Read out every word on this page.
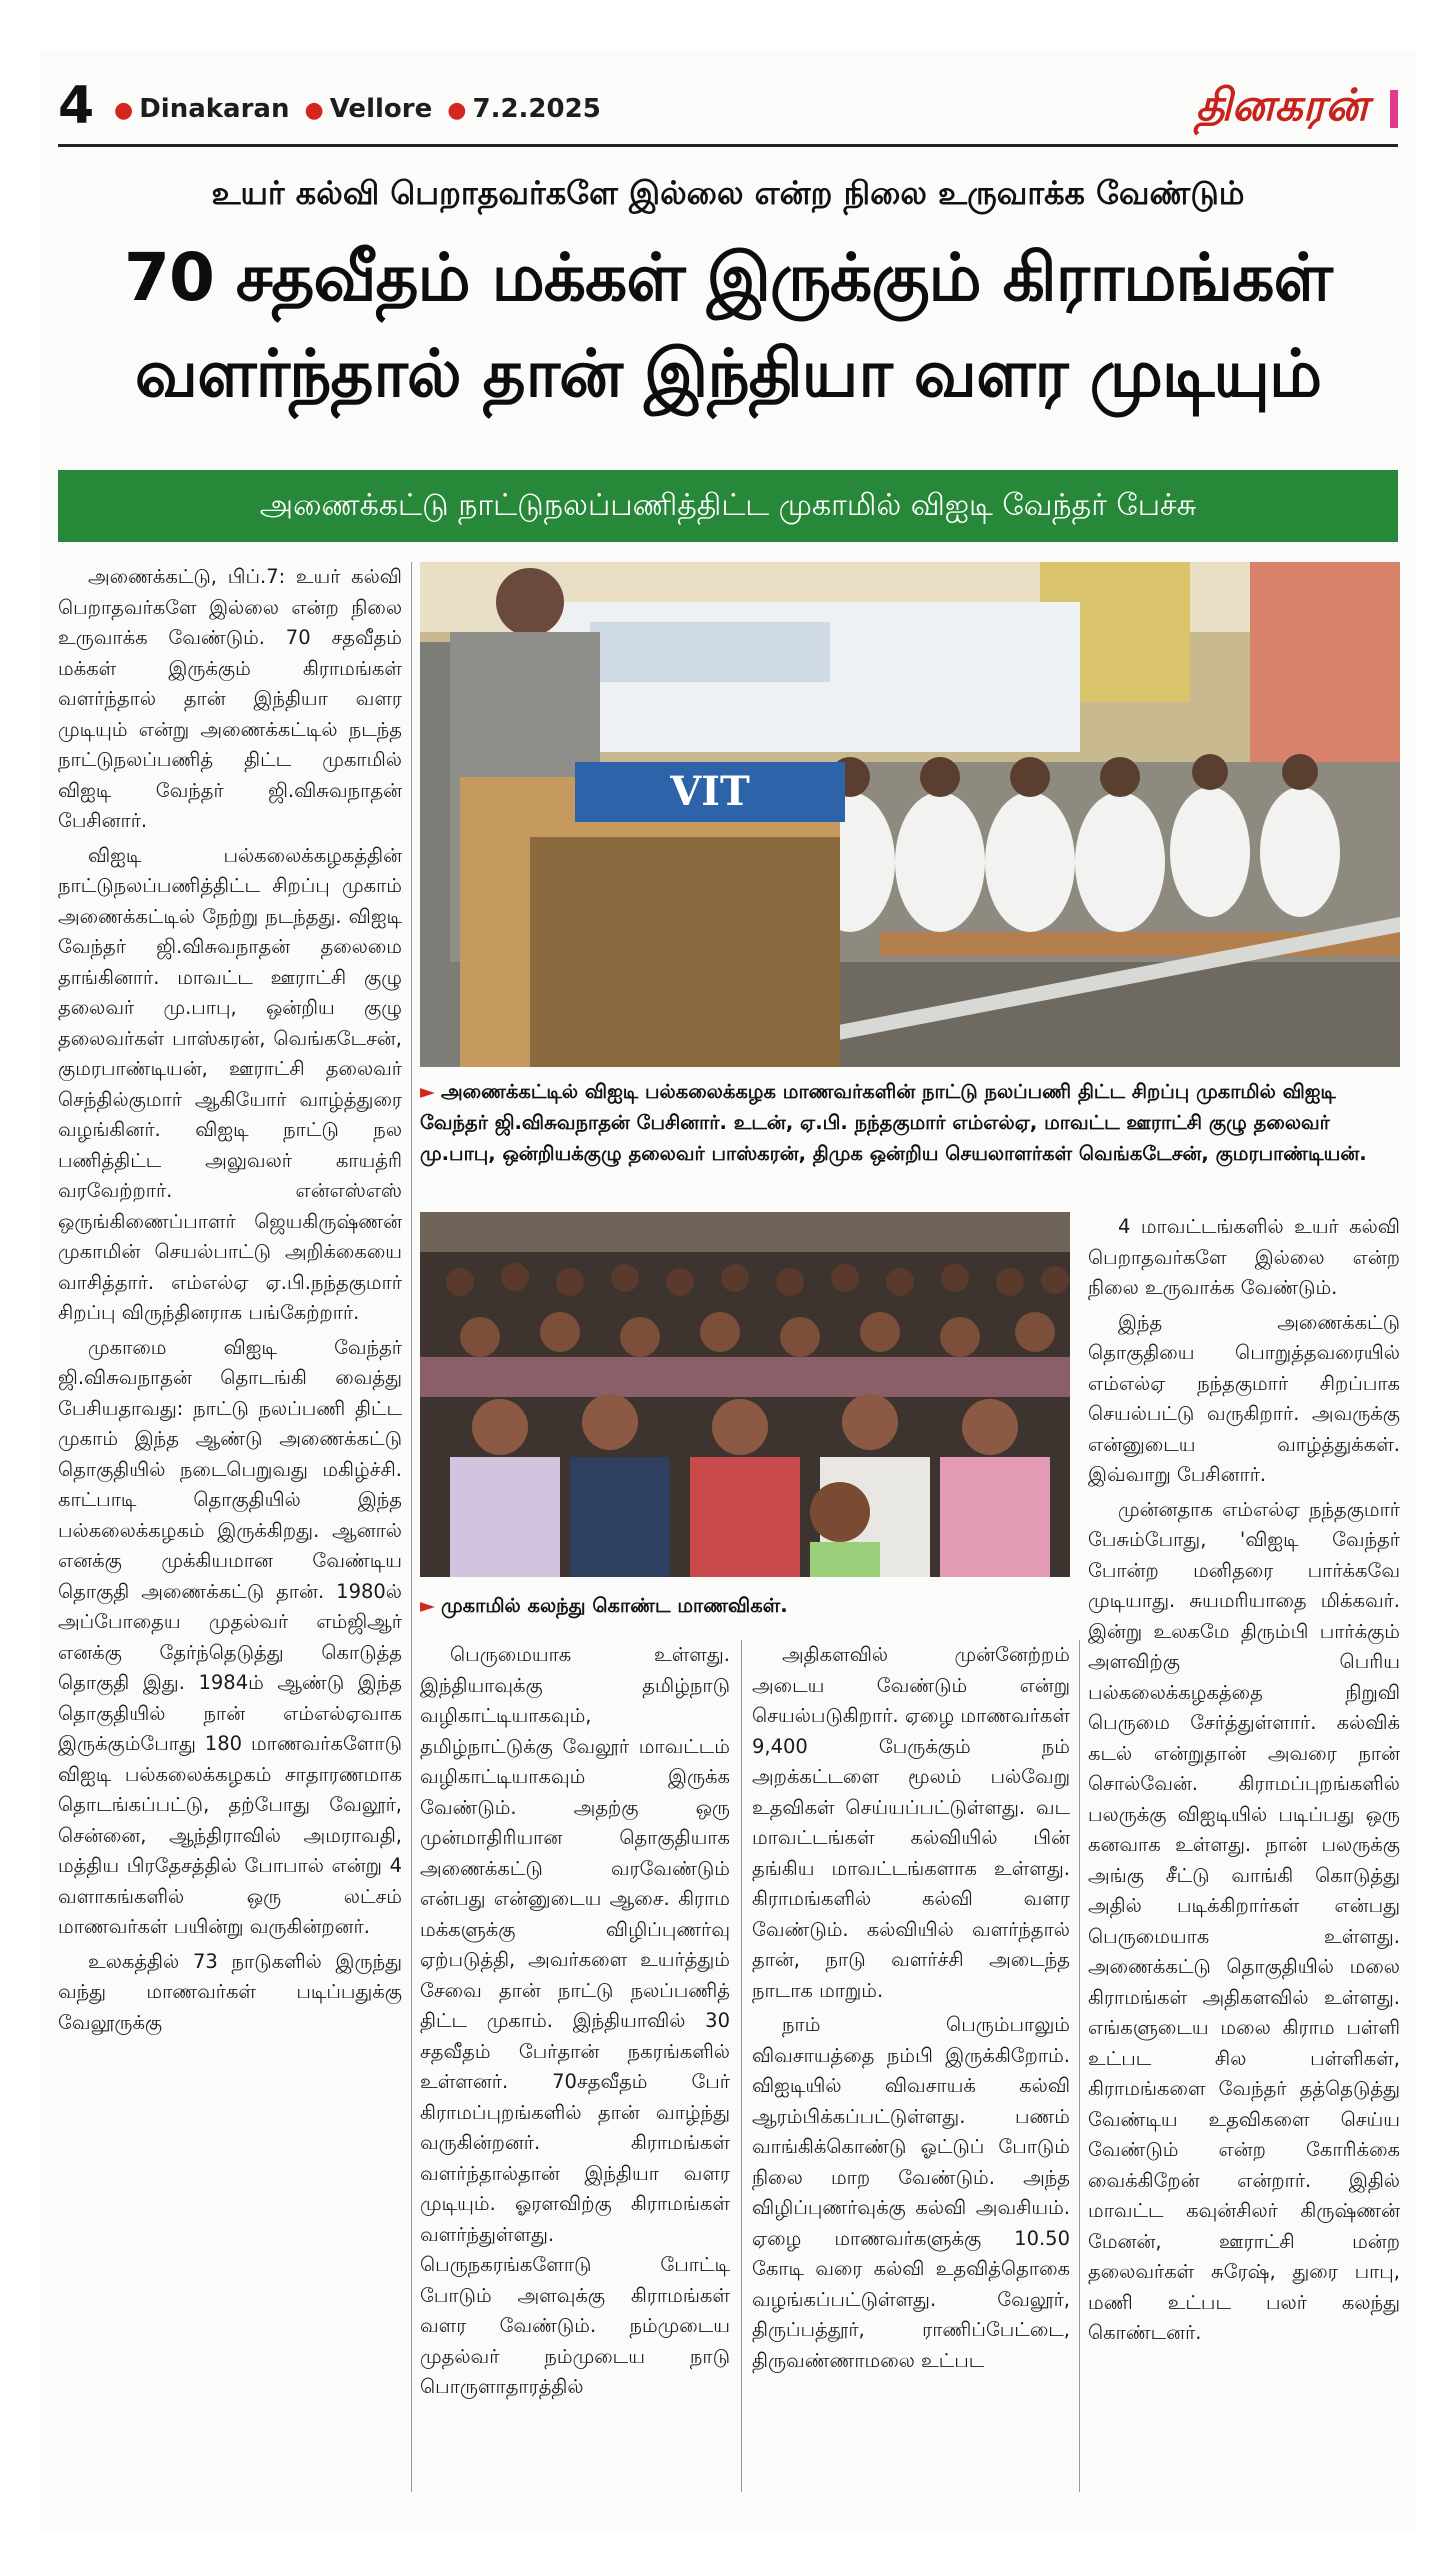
4 ● Dinakaran ● Vellore ● 7.2.2025	தினகரன்
உயர் கல்வி பெறாதவர்களே இல்லை என்ற நிலை உருவாக்க வேண்டும்
70 சதவீதம் மக்கள் இருக்கும் கிராமங்கள்
வளர்ந்தால் தான் இந்தியா வளர முடியும்
அணைக்கட்டு நாட்டுநலப்பணித்திட்ட முகாமில் விஐடி வேந்தர் பேச்சு

அணைக்கட்டு, பிப்.7: உயர் கல்வி பெறாதவர்களே இல்லை என்ற நிலை உருவாக்க வேண்டும். 70 சதவீதம் மக்கள் இருக்கும் கிராமங்கள் வளர்ந்தால் தான் இந்தியா வளர முடியும் என்று அணைக்கட்டில் நடந்த நாட்டுநலப்பணித் திட்ட முகாமில் விஐடி வேந்தர் ஜி.விசுவநாதன் பேசினார்.

விஐடி பல்கலைக்கழகத்தின் நாட்டுநலப்பணித்திட்ட சிறப்பு முகாம் அணைக்கட்டில் நேற்று நடந்தது. விஐடி வேந்தர் ஜி.விசுவநாதன் தலைமை தாங்கினார். மாவட்ட ஊராட்சி குழு தலைவர் மு.பாபு, ஒன்றிய குழு தலைவர்கள் பாஸ்கரன், வெங்கடேசன், குமரபாண்டியன், ஊராட்சி தலைவர் செந்தில்குமார் ஆகியோர் வாழ்த்துரை வழங்கினர். விஐடி நாட்டு நல பணித்திட்ட அலுவலர் காயத்ரி வரவேற்றார். என்எஸ்எஸ் ஒருங்கிணைப்பாளர் ஜெயகிருஷ்ணன் முகாமின் செயல்பாட்டு அறிக்கையை வாசித்தார். எம்எல்ஏ ஏ.பி.நந்தகுமார் சிறப்பு விருந்தினராக பங்கேற்றார்.

முகாமை விஐடி வேந்தர் ஜி.விசுவநாதன் தொடங்கி வைத்து பேசியதாவது: நாட்டு நலப்பணி திட்ட முகாம் இந்த ஆண்டு அணைக்கட்டு தொகுதியில் நடைபெறுவது மகிழ்ச்சி. காட்பாடி தொகுதியில் இந்த பல்கலைக்கழகம் இருக்கிறது. ஆனால் எனக்கு முக்கியமான வேண்டிய தொகுதி அணைக்கட்டு தான். 1980ல் அப்போதைய முதல்வர் எம்ஜிஆர் எனக்கு தேர்ந்தெடுத்து கொடுத்த தொகுதி இது. 1984ம் ஆண்டு இந்த தொகுதியில் நான் எம்எல்ஏவாக இருக்கும்போது 180 மாணவர்களோடு விஐடி பல்கலைக்கழகம் சாதாரணமாக தொடங்கப்பட்டு, தற்போது வேலூர், சென்னை, ஆந்திராவில் அமராவதி, மத்திய பிரதேசத்தில் போபால் என்று 4 வளாகங்களில் ஒரு லட்சம் மாணவர்கள் பயின்று வருகின்றனர்.

உலகத்தில் 73 நாடுகளில் இருந்து வந்து மாணவர்கள் படிப்பதுக்கு வேலூருக்கு

VIT
► அணைக்கட்டில் விஐடி பல்கலைக்கழக மாணவர்களின் நாட்டு நலப்பணி திட்ட சிறப்பு முகாமில் விஐடி வேந்தர் ஜி.விசுவநாதன் பேசினார். உடன், ஏ.பி. நந்தகுமார் எம்எல்ஏ, மாவட்ட ஊராட்சி குழு தலைவர் மு.பாபு, ஒன்றியக்குழு தலைவர் பாஸ்கரன், திமுக ஒன்றிய செயலாளர்கள் வெங்கடேசன், குமரபாண்டியன்.
► முகாமில் கலந்து கொண்ட மாணவிகள்.

4 மாவட்டங்களில் உயர் கல்வி பெறாதவர்களே இல்லை என்ற நிலை உருவாக்க வேண்டும்.

இந்த அணைக்கட்டு தொகுதியை பொறுத்தவரையில் எம்எல்ஏ நந்தகுமார் சிறப்பாக செயல்பட்டு வருகிறார். அவருக்கு என்னுடைய வாழ்த்துக்கள். இவ்வாறு பேசினார்.

முன்னதாக எம்எல்ஏ நந்தகுமார் பேசும்போது, 'விஐடி வேந்தர் போன்ற மனிதரை பார்க்கவே முடியாது. சுயமரியாதை மிக்கவர். இன்று உலகமே திரும்பி பார்க்கும் அளவிற்கு பெரிய பல்கலைக்கழகத்தை நிறுவி பெருமை சேர்த்துள்ளார். கல்விக் கடல் என்றுதான் அவரை நான் சொல்வேன். கிராமப்புறங்களில் பலருக்கு விஐடியில் படிப்பது ஒரு கனவாக உள்ளது. நான் பலருக்கு அங்கு சீட்டு வாங்கி கொடுத்து அதில் படிக்கிறார்கள் என்பது பெருமையாக உள்ளது. அணைக்கட்டு தொகுதியில் மலை கிராமங்கள் அதிகளவில் உள்ளது. எங்களுடைய மலை கிராம பள்ளி உட்பட சில பள்ளிகள், கிராமங்களை வேந்தர் தத்தெடுத்து வேண்டிய உதவிகளை செய்ய வேண்டும் என்ற கோரிக்கை வைக்கிறேன் என்றார். இதில் மாவட்ட கவுன்சிலர் கிருஷ்ணன் மேனன், ஊராட்சி மன்ற தலைவர்கள் சுரேஷ், துரை பாபு, மணி உட்பட பலர் கலந்து கொண்டனர்.

பெருமையாக உள்ளது. இந்தியாவுக்கு தமிழ்நாடு வழிகாட்டியாகவும், தமிழ்நாட்டுக்கு வேலூர் மாவட்டம் வழிகாட்டியாகவும் இருக்க வேண்டும். அதற்கு ஒரு முன்மாதிரியான தொகுதியாக அணைக்கட்டு வரவேண்டும் என்பது என்னுடைய ஆசை. கிராம மக்களுக்கு விழிப்புணர்வு ஏற்படுத்தி, அவர்களை உயர்த்தும் சேவை தான் நாட்டு நலப்பணித் திட்ட முகாம். இந்தியாவில் 30 சதவீதம் பேர்தான் நகரங்களில் உள்ளனர். 70சதவீதம் பேர் கிராமப்புறங்களில் தான் வாழ்ந்து வருகின்றனர். கிராமங்கள் வளர்ந்தால்தான் இந்தியா வளர முடியும். ஓரளவிற்கு கிராமங்கள் வளர்ந்துள்ளது. பெருநகரங்களோடு போட்டி போடும் அளவுக்கு கிராமங்கள் வளர வேண்டும். நம்முடைய முதல்வர் நம்முடைய நாடு பொருளாதாரத்தில்

அதிகளவில் முன்னேற்றம் அடைய வேண்டும் என்று செயல்படுகிறார். ஏழை மாணவர்கள் 9,400 பேருக்கும் நம் அறக்கட்டளை மூலம் பல்வேறு உதவிகள் செய்யப்பட்டுள்ளது. வட மாவட்டங்கள் கல்வியில் பின் தங்கிய மாவட்டங்களாக உள்ளது. கிராமங்களில் கல்வி வளர வேண்டும். கல்வியில் வளர்ந்தால் தான், நாடு வளர்ச்சி அடைந்த நாடாக மாறும்.

நாம் பெரும்பாலும் விவசாயத்தை நம்பி இருக்கிறோம். விஐடியில் விவசாயக் கல்வி ஆரம்பிக்கப்பட்டுள்ளது. பணம் வாங்கிக்கொண்டு ஓட்டுப் போடும் நிலை மாற வேண்டும். அந்த விழிப்புணர்வுக்கு கல்வி அவசியம். ஏழை மாணவர்களுக்கு 10.50 கோடி வரை கல்வி உதவித்தொகை வழங்கப்பட்டுள்ளது. வேலூர், திருப்பத்தூர், ராணிப்பேட்டை, திருவண்ணாமலை உட்பட
